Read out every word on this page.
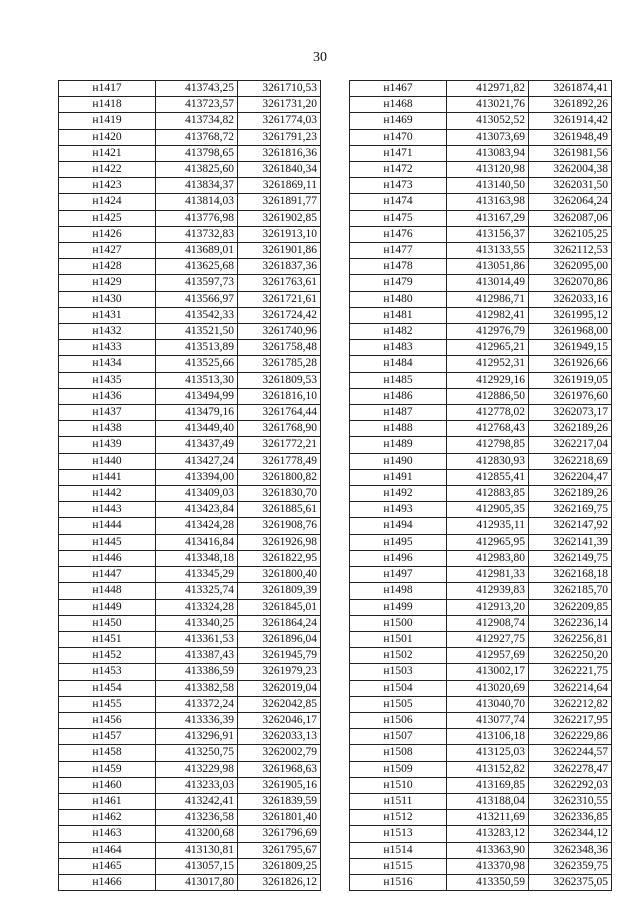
30
н1417	413743,25	3261710,53
н1418	413723,57	3261731,20
н1419	413734,82	3261774,03
н1420	413768,72	3261791,23
н1421	413798,65	3261816,36
н1422	413825,60	3261840,34
н1423	413834,37	3261869,11
н1424	413814,03	3261891,77
н1425	413776,98	3261902,85
н1426	413732,83	3261913,10
н1427	413689,01	3261901,86
н1428	413625,68	3261837,36
н1429	413597,73	3261763,61
н1430	413566,97	3261721,61
н1431	413542,33	3261724,42
н1432	413521,50	3261740,96
н1433	413513,89	3261758,48
н1434	413525,66	3261785,28
н1435	413513,30	3261809,53
н1436	413494,99	3261816,10
н1437	413479,16	3261764,44
н1438	413449,40	3261768,90
н1439	413437,49	3261772,21
н1440	413427,24	3261778,49
н1441	413394,00	3261800,82
н1442	413409,03	3261830,70
н1443	413423,84	3261885,61
н1444	413424,28	3261908,76
н1445	413416,84	3261926,98
н1446	413348,18	3261822,95
н1447	413345,29	3261800,40
н1448	413325,74	3261809,39
н1449	413324,28	3261845,01
н1450	413340,25	3261864,24
н1451	413361,53	3261896,04
н1452	413387,43	3261945,79
н1453	413386,59	3261979,23
н1454	413382,58	3262019,04
н1455	413372,24	3262042,85
н1456	413336,39	3262046,17
н1457	413296,91	3262033,13
н1458	413250,75	3262002,79
н1459	413229,98	3261968,63
н1460	413233,03	3261905,16
н1461	413242,41	3261839,59
н1462	413236,58	3261801,40
н1463	413200,68	3261796,69
н1464	413130,81	3261795,67
н1465	413057,15	3261809,25
н1466	413017,80	3261826,12
н1467	412971,82	3261874,41
н1468	413021,76	3261892,26
н1469	413052,52	3261914,42
н1470	413073,69	3261948,49
н1471	413083,94	3261981,56
н1472	413120,98	3262004,38
н1473	413140,50	3262031,50
н1474	413163,98	3262064,24
н1475	413167,29	3262087,06
н1476	413156,37	3262105,25
н1477	413133,55	3262112,53
н1478	413051,86	3262095,00
н1479	413014,49	3262070,86
н1480	412986,71	3262033,16
н1481	412982,41	3261995,12
н1482	412976,79	3261968,00
н1483	412965,21	3261949,15
н1484	412952,31	3261926,66
н1485	412929,16	3261919,05
н1486	412886,50	3261976,60
н1487	412778,02	3262073,17
н1488	412768,43	3262189,26
н1489	412798,85	3262217,04
н1490	412830,93	3262218,69
н1491	412855,41	3262204,47
н1492	412883,85	3262189,26
н1493	412905,35	3262169,75
н1494	412935,11	3262147,92
н1495	412965,95	3262141,39
н1496	412983,80	3262149,75
н1497	412981,33	3262168,18
н1498	412939,83	3262185,70
н1499	412913,20	3262209,85
н1500	412908,74	3262236,14
н1501	412927,75	3262256,81
н1502	412957,69	3262250,20
н1503	413002,17	3262221,75
н1504	413020,69	3262214,64
н1505	413040,70	3262212,82
н1506	413077,74	3262217,95
н1507	413106,18	3262229,86
н1508	413125,03	3262244,57
н1509	413152,82	3262278,47
н1510	413169,85	3262292,03
н1511	413188,04	3262310,55
н1512	413211,69	3262336,85
н1513	413283,12	3262344,12
н1514	413363,90	3262348,36
н1515	413370,98	3262359,75
н1516	413350,59	3262375,05
